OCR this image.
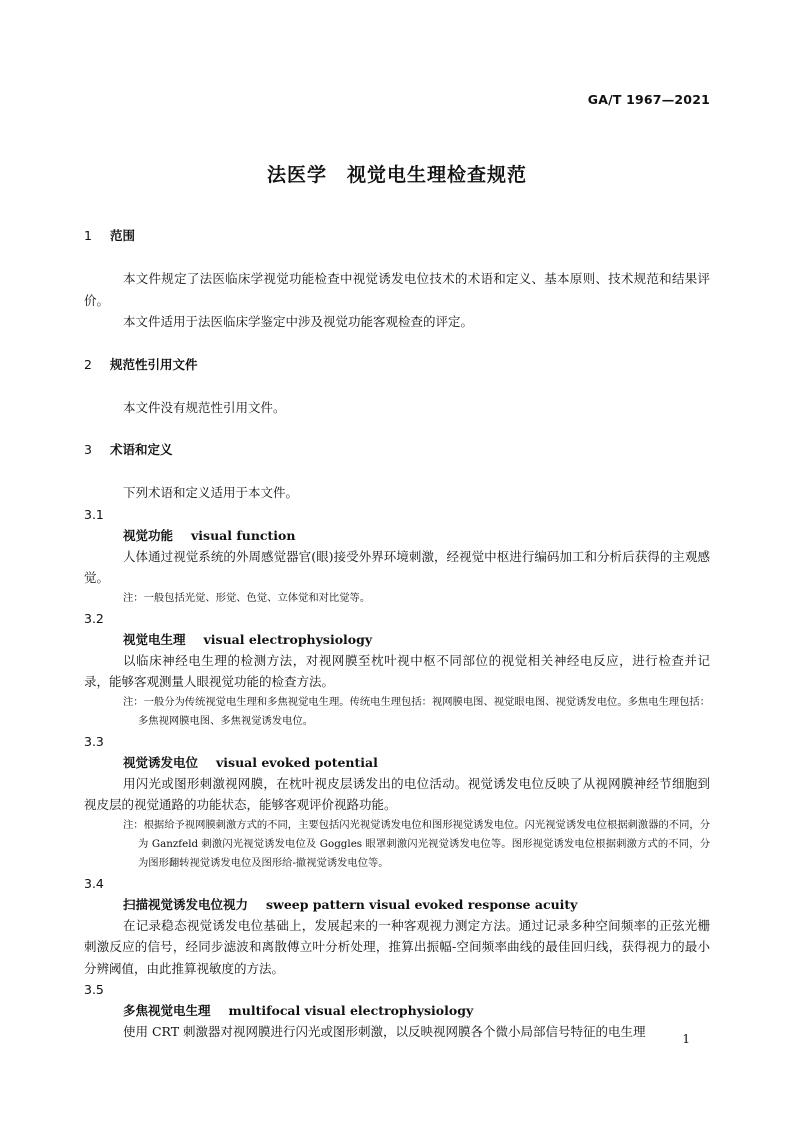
GA/T 1967—2021
法医学　视觉电生理检查规范
1 范围

本文件规定了法医临床学视觉功能检查中视觉诱发电位技术的术语和定义、基本原则、技术规范和结果评价。

本文件适用于法医临床学鉴定中涉及视觉功能客观检查的评定。

2 规范性引用文件

本文件没有规范性引用文件。

3 术语和定义

下列术语和定义适用于本文件。

3.1
视觉功能 visual function

人体通过视觉系统的外周感觉器官(眼)接受外界环境刺激，经视觉中枢进行编码加工和分析后获得的主观感觉。

注：一般包括光觉、形觉、色觉、立体觉和对比觉等。

3.2
视觉电生理 visual electrophysiology

以临床神经电生理的检测方法，对视网膜至枕叶视中枢不同部位的视觉相关神经电反应，进行检查并记录，能够客观测量人眼视觉功能的检查方法。

注：一般分为传统视觉电生理和多焦视觉电生理。传统电生理包括：视网膜电图、视觉眼电图、视觉诱发电位。多焦电生理包括：多焦视网膜电图、多焦视觉诱发电位。

3.3
视觉诱发电位 visual evoked potential

用闪光或图形刺激视网膜，在枕叶视皮层诱发出的电位活动。视觉诱发电位反映了从视网膜神经节细胞到视皮层的视觉通路的功能状态，能够客观评价视路功能。

注：根据给予视网膜刺激方式的不同，主要包括闪光视觉诱发电位和图形视觉诱发电位。闪光视觉诱发电位根据刺激器的不同，分为 Ganzfeld 刺激闪光视觉诱发电位及 Goggles 眼罩刺激闪光视觉诱发电位等。图形视觉诱发电位根据刺激方式的不同，分为图形翻转视觉诱发电位及图形给-撤视觉诱发电位等。

3.4
扫描视觉诱发电位视力 sweep pattern visual evoked response acuity

在记录稳态视觉诱发电位基础上，发展起来的一种客观视力测定方法。通过记录多种空间频率的正弦光栅刺激反应的信号，经同步滤波和离散傅立叶分析处理，推算出振幅-空间频率曲线的最佳回归线，获得视力的最小分辨阈值，由此推算视敏度的方法。

3.5
多焦视觉电生理 multifocal visual electrophysiology

使用 CRT 刺激器对视网膜进行闪光或图形刺激，以反映视网膜各个微小局部信号特征的电生理	1
